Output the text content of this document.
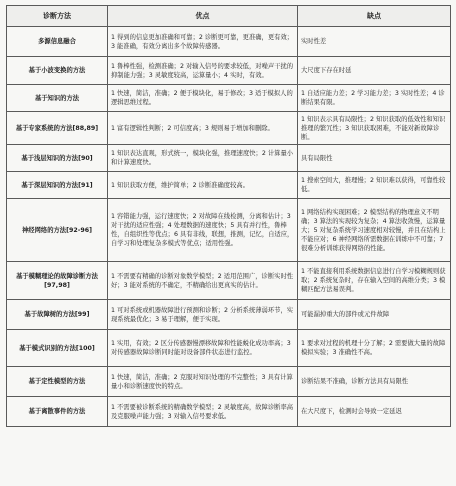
诊断方法	优点	缺点
多源信息融合	1 得到的信息更加准确和可靠；2 诊断更可靠，更准确，更有效；3 能准确，有效分离出多个故障传感器。	实时性差
基于小波变换的方法	1 鲁棒性强，检测准确；2 对输入信号的要求较低，对噪声干扰的抑制能力强；3 灵敏度较高，运算量小；4 实时，有效。	大尺度下存在时延
基于知识的方法	1 快速，简洁，准确；2 便于模块化，易于修改；3 适于模拟人的逻辑思维过程。	1 自适应能力差；2 学习能力差；3 实时性差；4 诊断结果有限。
基于专家系统的方法[88,89]	1 富有逻辑性判断；2 可信度高；3 规则易于增加和删除。	1 知识表示具有局限性；2 知识获取的低效性和知识推理的繁冗性；3 知识获取困难，不能对新故障诊断。
基于浅层知识的方法[90]	1 知识表达直观，形式统一，模块化强，推理速度快；2 计算量小和计算速度快。	具有局限性
基于深层知识的方法[91]	1 知识获取方便，维护简单；2 诊断准确度较高。	1 搜索空间大，推理慢；2 知识难以获得，可靠性较低。
神经网络的方法[92-96]	1 容错能力强，运行速度快；2 对故障在线检测，分离和估计；3 对干扰的适应性强；4 处理数据的速度快；5 具有并行性，鲁棒性，自组织性等优点；6 具有非线，联想，推测，记忆，自适应，自学习和处理复杂多模式等优点；适用性强。	1 网络结构实现困难；2 模型结构的物理意义不明确；3 算法的实现较为复杂；4 算法收敛慢，运算量大；5 对复杂系统学习速度相对较慢，并且在结构上不能应对；6 神经网络所需数据在训练中不可靠；7 很难分析训练获得网络的性能。
基于模糊理论的故障诊断方法[97,98]	1 不需要有精确的诊断对象数学模型；2 适用范围广，诊断实时性好；3 能对系统的不确定，不精确给出更真实的估计。	1 不能直接利用系统数据信息进行自学习模糊规则获取；2 系统复杂时，存在输入空间的高维分类；3 模糊匹配方法易误判。
基于故障树的方法[99]	1 可对系统或机器故障进行预测和诊断；2 分析系统薄弱环节，实现系统最优化；3 易于理解，便于实现。	可能漏掉重大的部件或元件故障
基于模式识别的方法[100]	1 实用，有效；2 区分传感器慢漂移故障和性能蜕化成功率高；3 对传感器故障诊断同时能对设备部件状态进行监控。	1 要求对过程的机理十分了解；2 需要做大量的故障模拟实验；3 准确性不高。
基于定性模型的方法	1 快速，简洁，准确；2 克服对知识处理的不完整性；3 具有计算量小和诊断速度快的特点。	诊断结果不准确，诊断方法具有局限性
基于离散事件的方法	1 不需要被诊断系统的精确数学模型；2 灵敏度高，故障诊断率高及克服噪声能力强；3 对输入信号要求低。	在大尺度下，检测时会导致一定延迟
